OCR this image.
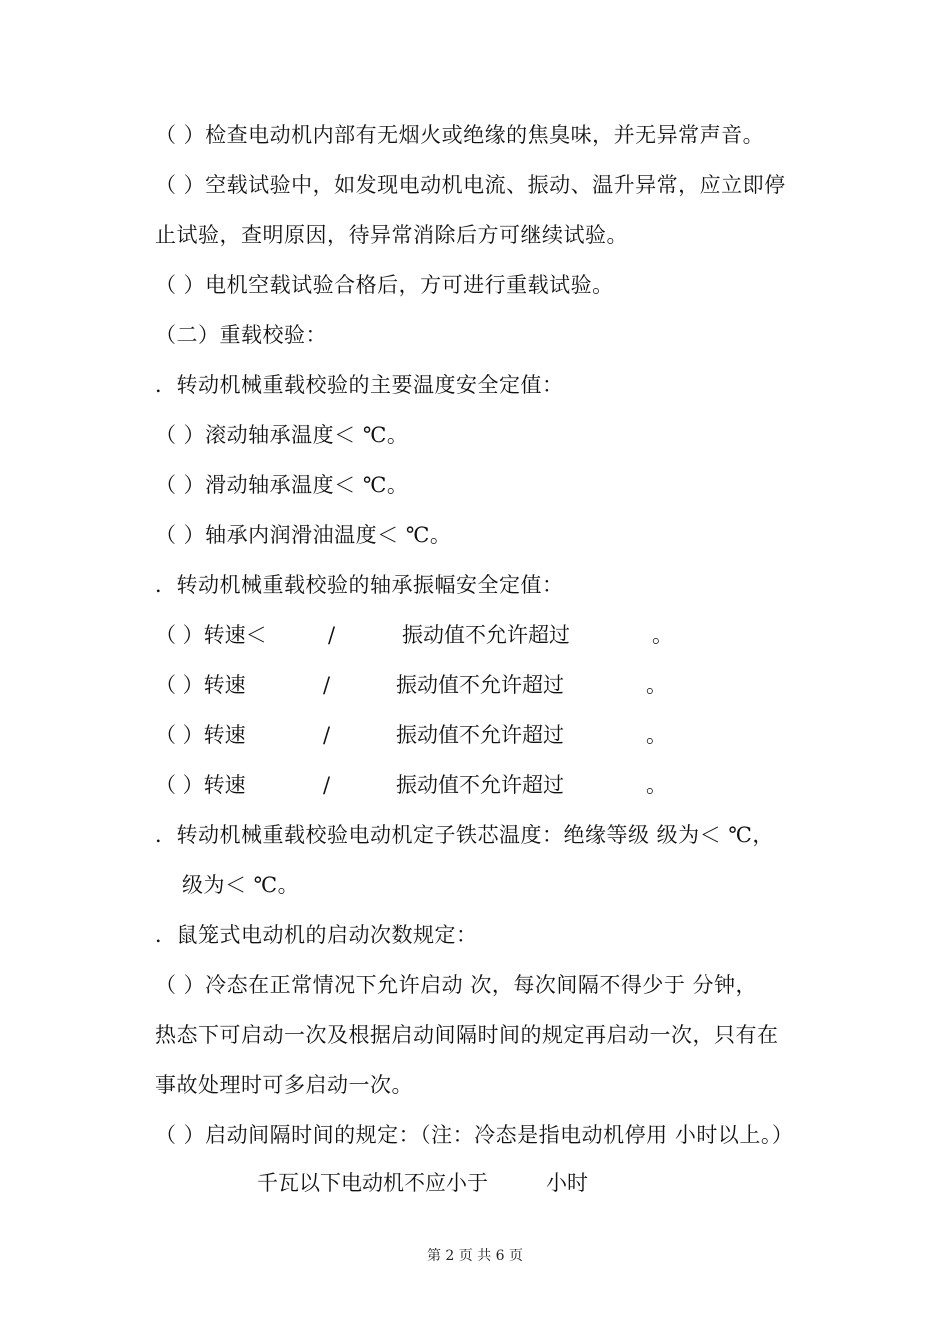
（ ）检查电动机内部有无烟火或绝缘的焦臭味，并无异常声音。
（ ）空载试验中，如发现电动机电流、振动、温升异常，应立即停
止试验，查明原因，待异常消除后方可继续试验。
（ ）电机空载试验合格后，方可进行重载试验。
（二）重载校验：
．转动机械重载校验的主要温度安全定值：
（ ）滚动轴承温度＜ ℃。
（ ）滑动轴承温度＜ ℃。
（ ）轴承内润滑油温度＜ ℃。
．转动机械重载校验的轴承振幅安全定值：
（ ）转速＜	/	振动值不允许超过	。
（ ）转速	/	振动值不允许超过	。
（ ）转速	/	振动值不允许超过	。
（ ）转速	/	振动值不允许超过	。
．转动机械重载校验电动机定子铁芯温度：绝缘等级 级为＜ ℃，
级为＜ ℃。
．鼠笼式电动机的启动次数规定：
（ ）冷态在正常情况下允许启动 次，每次间隔不得少于 分钟，
热态下可启动一次及根据启动间隔时间的规定再启动一次，只有在
事故处理时可多启动一次。
（ ）启动间隔时间的规定：（注：冷态是指电动机停用 小时以上。）
千瓦以下电动机不应小于	小时
第 2 页 共 6 页
